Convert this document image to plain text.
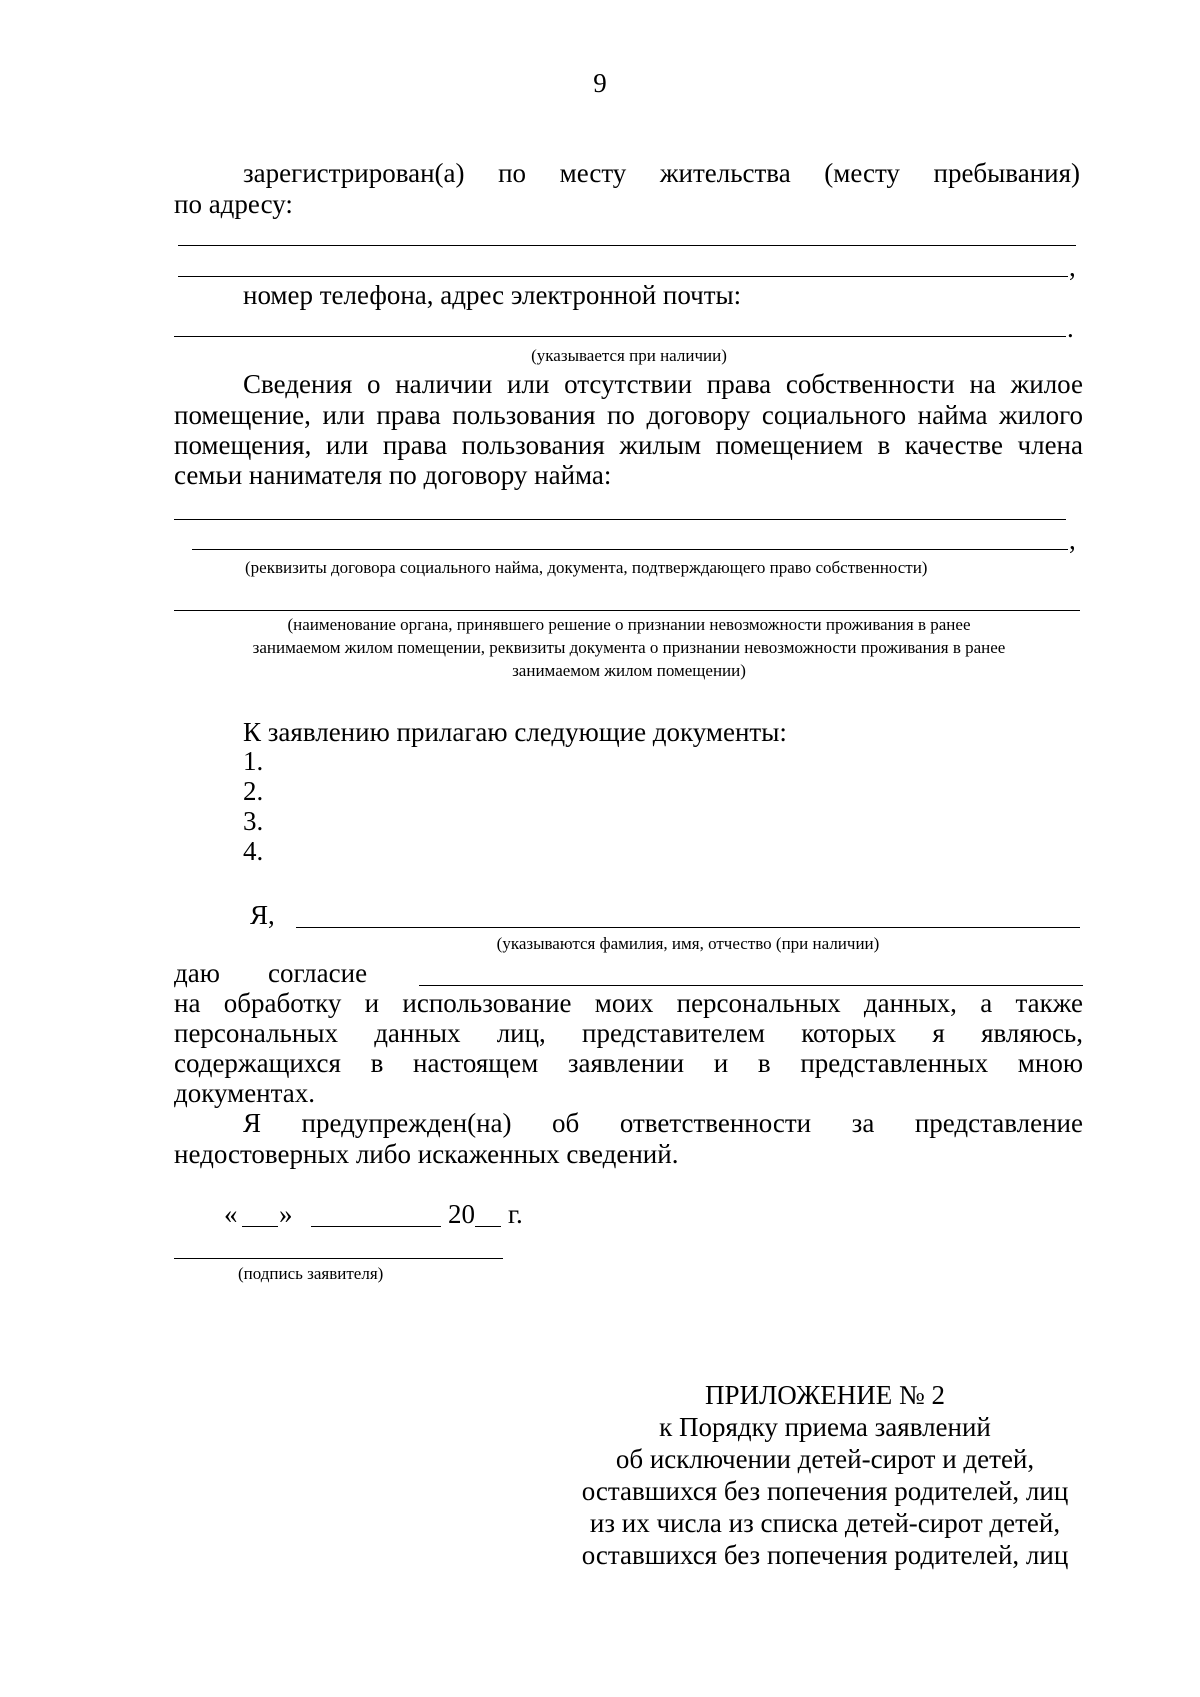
9
зарегистрирован(а) по месту жительства (месту пребывания)
по адресу:
,
номер телефона, адрес электронной почты:
.
(указывается при наличии)
Сведения о наличии или отсутствии права собственности на жилое
помещение, или права пользования по договору социального найма жилого
помещения, или права пользования жилым помещением в качестве члена
семьи нанимателя по договору найма:
,
(реквизиты договора социального найма, документа, подтверждающего право собственности)
(наименование органа, принявшего решение о признании невозможности проживания в ранее
занимаемом жилом помещении, реквизиты документа о признании невозможности проживания в ранее
занимаемом жилом помещении)
К заявлению прилагаю следующие документы:
1.
2.
3.
4.
Я,
(указываются фамилия, имя, отчество (при наличии)
даю согласие
на обработку и использование моих персональных данных, а также
персональных данных лиц, представителем которых я являюсь,
содержащихся в настоящем заявлении и в представленных мною
документах.
Я предупрежден(на) об ответственности за представление
недостоверных либо искаженных сведений.
« »	20 г.
(подпись заявителя)
ПРИЛОЖЕНИЕ № 2
к Порядку приема заявлений
об исключении детей-сирот и детей,
оставшихся без попечения родителей, лиц
из их числа из списка детей-сирот детей,
оставшихся без попечения родителей, лиц
